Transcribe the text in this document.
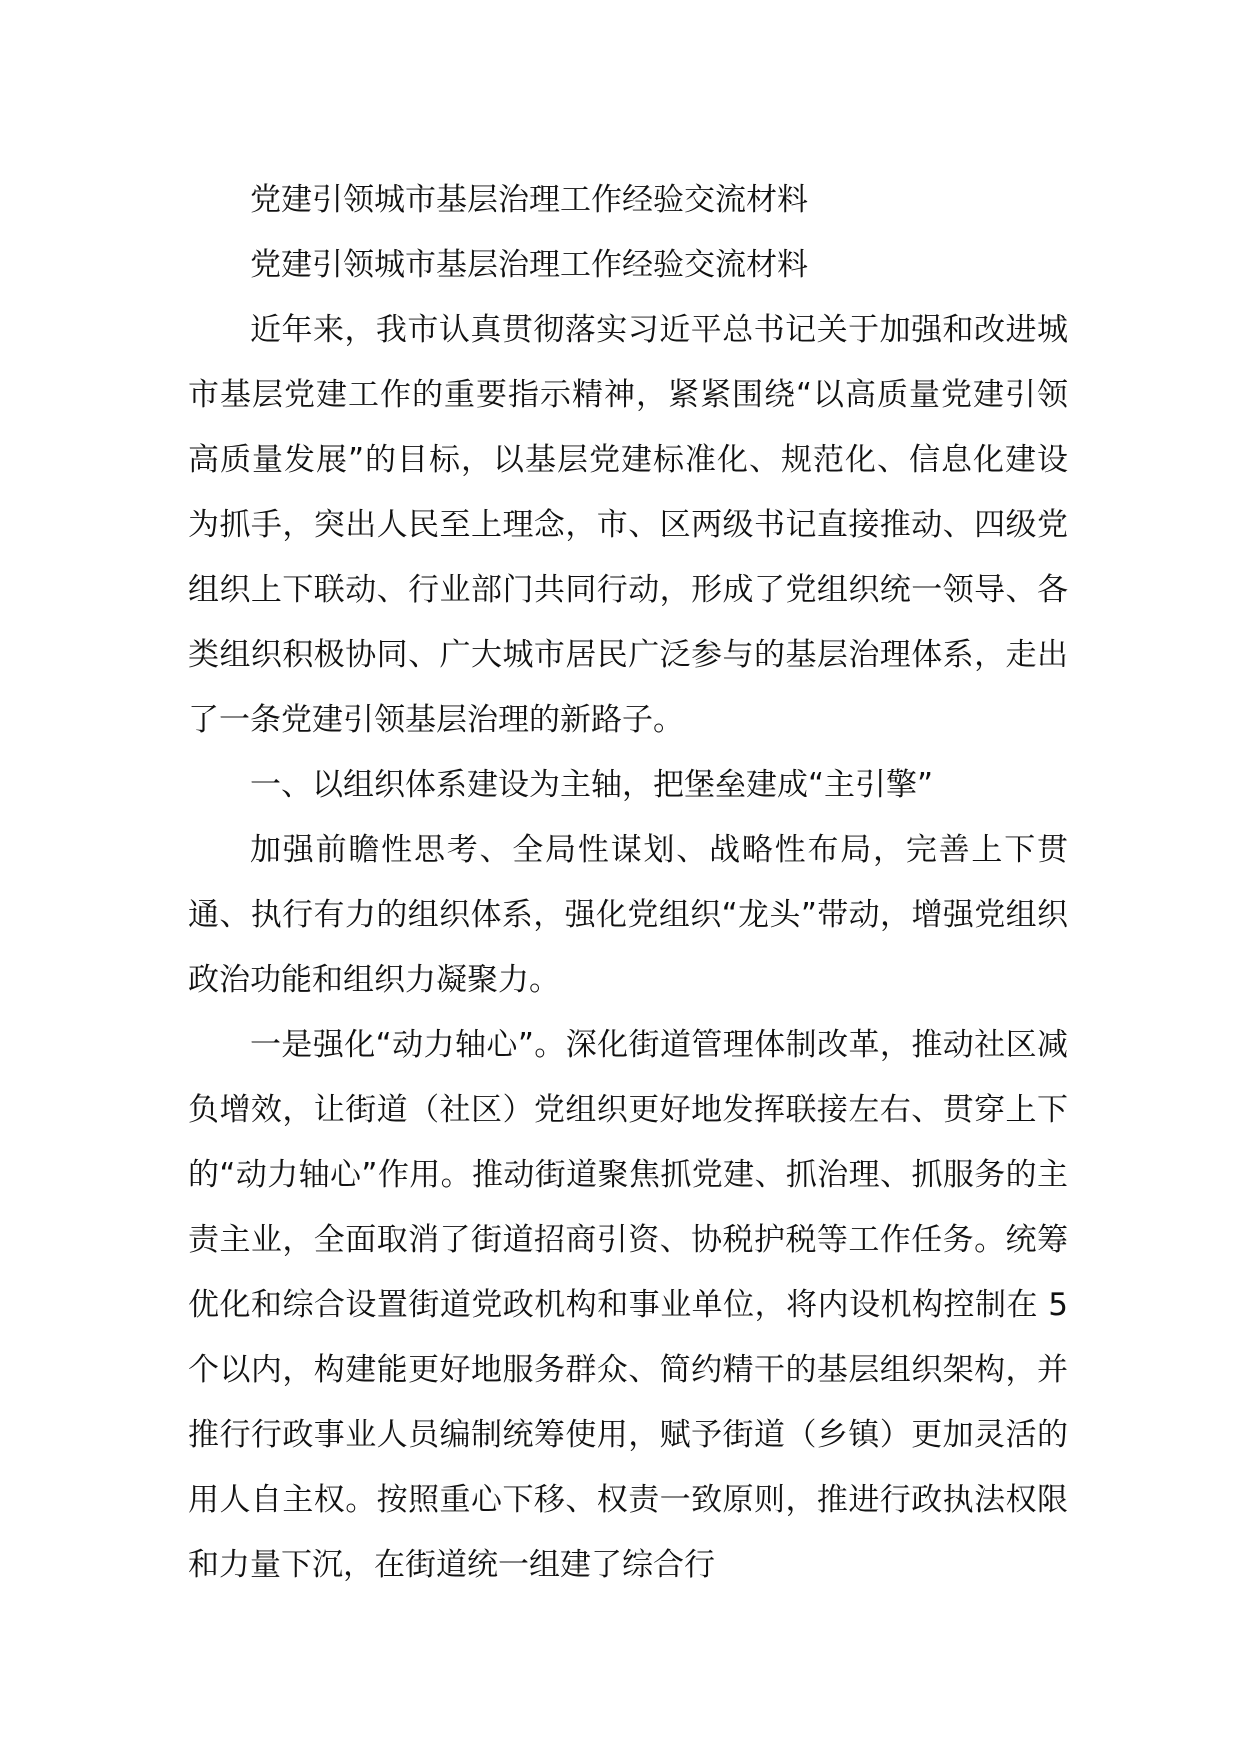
党建引领城市基层治理工作经验交流材料

党建引领城市基层治理工作经验交流材料

近年来，我市认真贯彻落实习近平总书记关于加强和改进城市基层党建工作的重要指示精神，紧紧围绕“以高质量党建引领高质量发展”的目标，以基层党建标准化、规范化、信息化建设为抓手，突出人民至上理念，市、区两级书记直接推动、四级党组织上下联动、行业部门共同行动，形成了党组织统一领导、各类组织积极协同、广大城市居民广泛参与的基层治理体系，走出了一条党建引领基层治理的新路子。

一、以组织体系建设为主轴，把堡垒建成“主引擎”

加强前瞻性思考、全局性谋划、战略性布局，完善上下贯通、执行有力的组织体系，强化党组织“龙头”带动，增强党组织政治功能和组织力凝聚力。

一是强化“动力轴心”。深化街道管理体制改革，推动社区减负增效，让街道（社区）党组织更好地发挥联接左右、贯穿上下的“动力轴心”作用。推动街道聚焦抓党建、抓治理、抓服务的主责主业，全面取消了街道招商引资、协税护税等工作任务。统筹优化和综合设置街道党政机构和事业单位，将内设机构控制在 5 个以内，构建能更好地服务群众、简约精干的基层组织架构，并推行行政事业人员编制统筹使用，赋予街道（乡镇）更加灵活的用人自主权。按照重心下移、权责一致原则，推进行政执法权限和力量下沉，在街道统一组建了综合行
